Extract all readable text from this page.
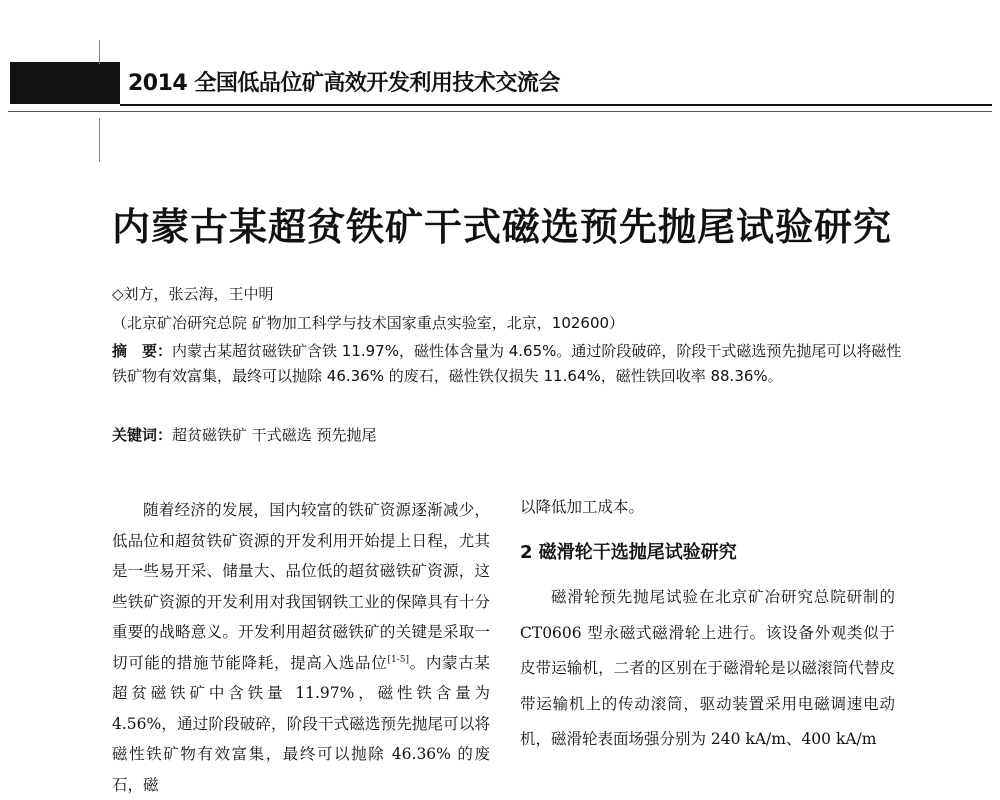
2014 全国低品位矿高效开发利用技术交流会
内蒙古某超贫铁矿干式磁选预先抛尾试验研究
◇刘方，张云海，王中明
（北京矿冶研究总院 矿物加工科学与技术国家重点实验室，北京，102600）
摘　要：内蒙古某超贫磁铁矿含铁 11.97%，磁性体含量为 4.65%。通过阶段破碎，阶段干式磁选预先抛尾可以将磁性铁矿物有效富集，最终可以抛除 46.36% 的废石，磁性铁仅损失 11.64%，磁性铁回收率 88.36%。
关键词：超贫磁铁矿 干式磁选 预先抛尾

随着经济的发展，国内较富的铁矿资源逐渐减少，低品位和超贫铁矿资源的开发利用开始提上日程，尤其是一些易开采、储量大、品位低的超贫磁铁矿资源，这些铁矿资源的开发利用对我国钢铁工业的保障具有十分重要的战略意义。开发利用超贫磁铁矿的关键是采取一切可能的措施节能降耗，提高入选品位[1-5]。内蒙古某超贫磁铁矿中含铁量 11.97%，磁性铁含量为 4.56%，通过阶段破碎，阶段干式磁选预先抛尾可以将磁性铁矿物有效富集，最终可以抛除 46.36% 的废石，磁

以降低加工成本。
2 磁滑轮干选抛尾试验研究

磁滑轮预先抛尾试验在北京矿冶研究总院研制的 CT0606 型永磁式磁滑轮上进行。该设备外观类似于皮带运输机，二者的区别在于磁滑轮是以磁滚筒代替皮带运输机上的传动滚筒，驱动装置采用电磁调速电动机，磁滑轮表面场强分别为 240 kA/m、400 kA/m
